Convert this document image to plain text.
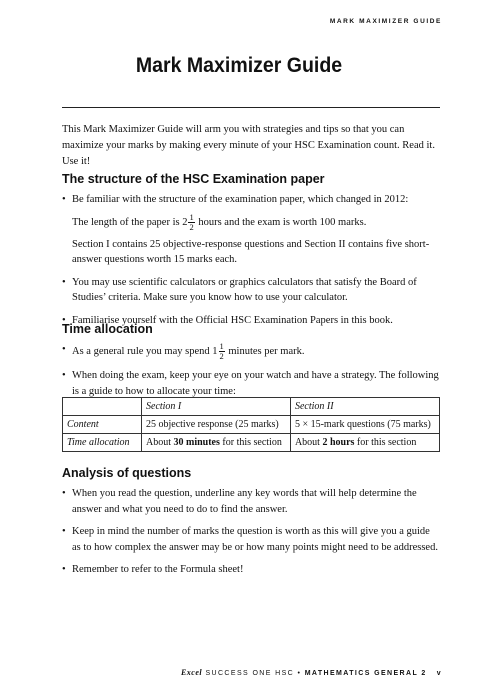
MARK MAXIMIZER GUIDE
Mark Maximizer Guide
This Mark Maximizer Guide will arm you with strategies and tips so that you can maximize your marks by making every minute of your HSC Examination count. Read it. Use it!
The structure of the HSC Examination paper
• Be familiar with the structure of the examination paper, which changed in 2012:
The length of the paper is $2 \frac{1}{2}$ hours and the exam is worth 100 marks.
Section I contains 25 objective-response questions and Section II contains five short-answer questions worth 15 marks each.
• You may use scientific calculators or graphics calculators that satisfy the Board of Studies’ criteria. Make sure you know how to use your calculator.
• Familiarise yourself with the Official HSC Examination Papers in this book.
Time allocation
• As a general rule you may spend $1 \frac{1}{2}$ minutes per mark.
• When doing the exam, keep your eye on your watch and have a strategy. The following is a guide to how to allocate your time:
	Section I	Section II
Content	25 objective response (25 marks)	5 × 15-mark questions (75 marks)
Time allocation	About 30 minutes for this section	About 2 hours for this section
Analysis of questions
• When you read the question, underline any key words that will help determine the answer and what you need to do to find the answer.
• Keep in mind the number of marks the question is worth as this will give you a guide as to how complex the answer may be or how many points might need to be addressed.
• Remember to refer to the Formula sheet!
Excel SUCCESS ONE HSC • MATHEMATICS GENERAL 2 v
